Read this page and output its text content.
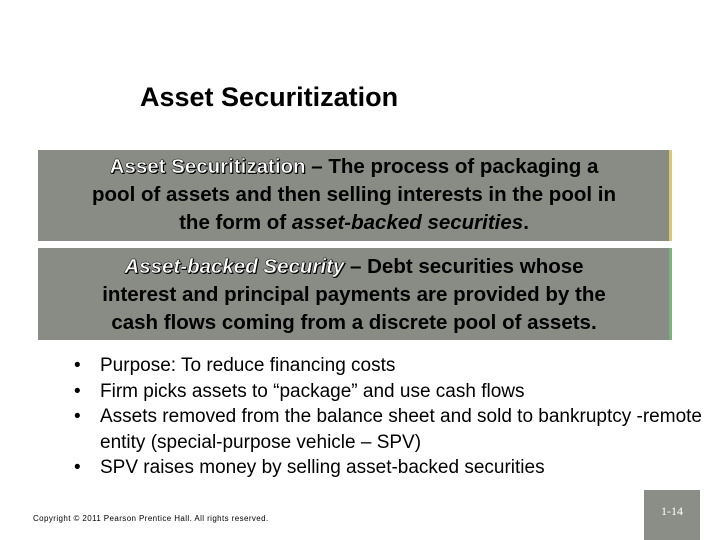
Asset Securitization
Asset Securitization – The process of packaging a
pool of assets and then selling interests in the pool in
the form of asset-backed securities.
Asset-backed Security – Debt securities whose
interest and principal payments are provided by the
cash flows coming from a discrete pool of assets.
• Purpose: To reduce financing costs
• Firm picks assets to “package” and use cash flows
• Assets removed from the balance sheet and sold to bankruptcy -remote entity (special-purpose vehicle – SPV)
• SPV raises money by selling asset-backed securities
Copyright © 2011 Pearson Prentice Hall. All rights reserved.
1-14
